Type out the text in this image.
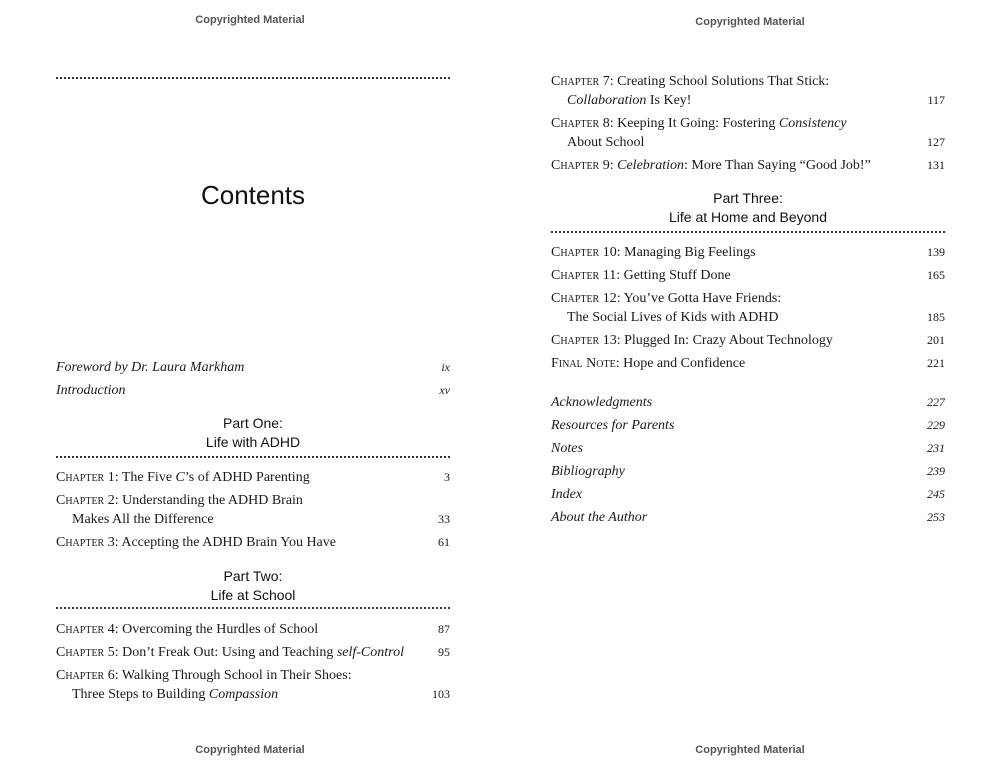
Copyrighted Material
Contents
Foreword by Dr. Laura Markham	ix
Introduction	xv
Part One:
Life with ADHD
Chapter 1: The Five C’s of ADHD Parenting	3
Chapter 2: Understanding the ADHD Brain
Makes All the Difference	33
Chapter 3: Accepting the ADHD Brain You Have	61
Part Two:
Life at School
Chapter 4: Overcoming the Hurdles of School	87
Chapter 5: Don’t Freak Out: Using and Teaching self-Control	95
Chapter 6: Walking Through School in Their Shoes:
Three Steps to Building Compassion	103
Copyrighted Material
Copyrighted Material
Chapter 7: Creating School Solutions That Stick:
Collaboration Is Key!	117
Chapter 8: Keeping It Going: Fostering Consistency
About School	127
Chapter 9: Celebration: More Than Saying “Good Job!”	131
Part Three:
Life at Home and Beyond
Chapter 10: Managing Big Feelings	139
Chapter 11: Getting Stuff Done	165
Chapter 12: You’ve Gotta Have Friends:
The Social Lives of Kids with ADHD	185
Chapter 13: Plugged In: Crazy About Technology	201
Final Note: Hope and Confidence	221
Acknowledgments	227
Resources for Parents	229
Notes	231
Bibliography	239
Index	245
About the Author	253
Copyrighted Material
